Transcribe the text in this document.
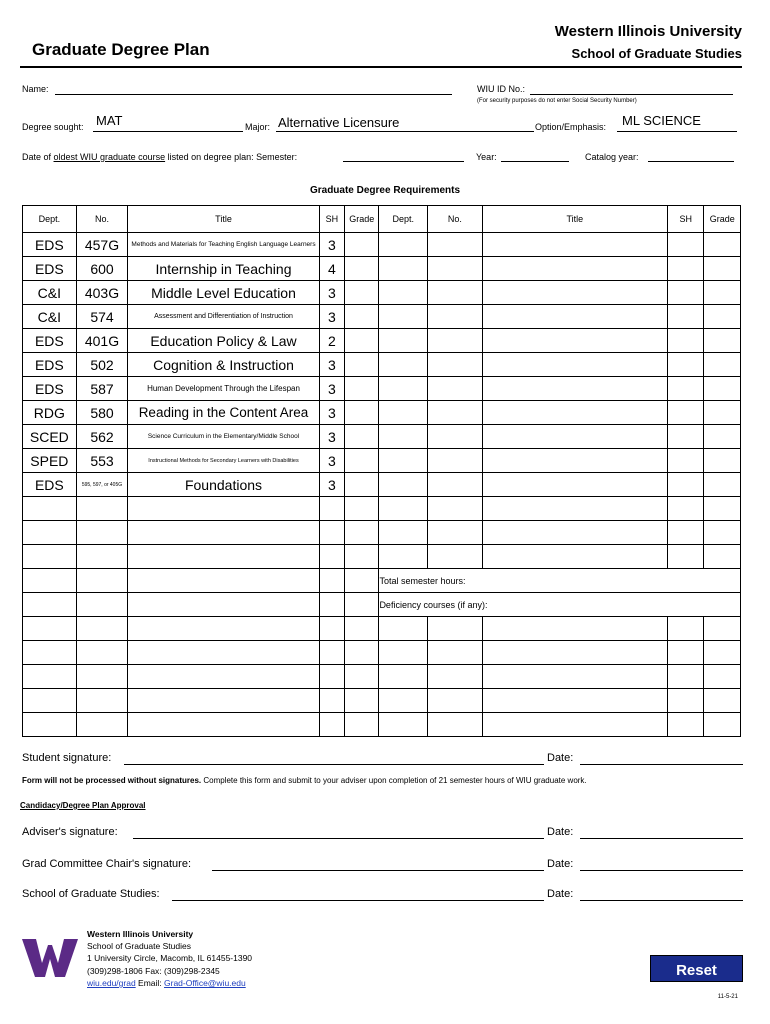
Graduate Degree Plan
Western Illinois University
School of Graduate Studies
Name:	WIU ID No.:
(For security purposes do not enter Social Security Number)
Degree sought: MAT	Major: Alternative Licensure	Option/Emphasis: ML SCIENCE
Date of oldest WIU graduate course listed on degree plan: Semester:	Year:	Catalog year:
Graduate Degree Requirements
Dept.	No.	Title	SH	Grade	Dept.	No.	Title	SH	Grade
EDS	457G	Methods and Materials for Teaching English Language Learners	3						
EDS	600	Internship in Teaching	4						
C&I	403G	Middle Level Education	3						
C&I	574	Assessment and Differentiation of Instruction	3						
EDS	401G	Education Policy & Law	2						
EDS	502	Cognition & Instruction	3						
EDS	587	Human Development Through the Lifespan	3						
RDG	580	Reading in the Content Area	3						
SCED	562	Science Curriculum in the Elementary/Middle School	3						
SPED	553	Instructional Methods for Secondary Learners with Disabilities	3						
EDS	595, 597, or 405G	Foundations	3						

					Total semester hours:				
					Deficiency courses (if any):				

Student signature:	Date:
Form will not be processed without signatures. Complete this form and submit to your adviser upon completion of 21 semester hours of WIU graduate work.
Candidacy/Degree Plan Approval
Adviser's signature:	Date:
Grad Committee Chair's signature:	Date:
School of Graduate Studies:	Date:
Western Illinois University
School of Graduate Studies
1 University Circle, Macomb, IL 61455-1390
(309)298-1806 Fax: (309)298-2345
wiu.edu/grad Email: Grad-Office@wiu.edu
Reset
11-5-21
